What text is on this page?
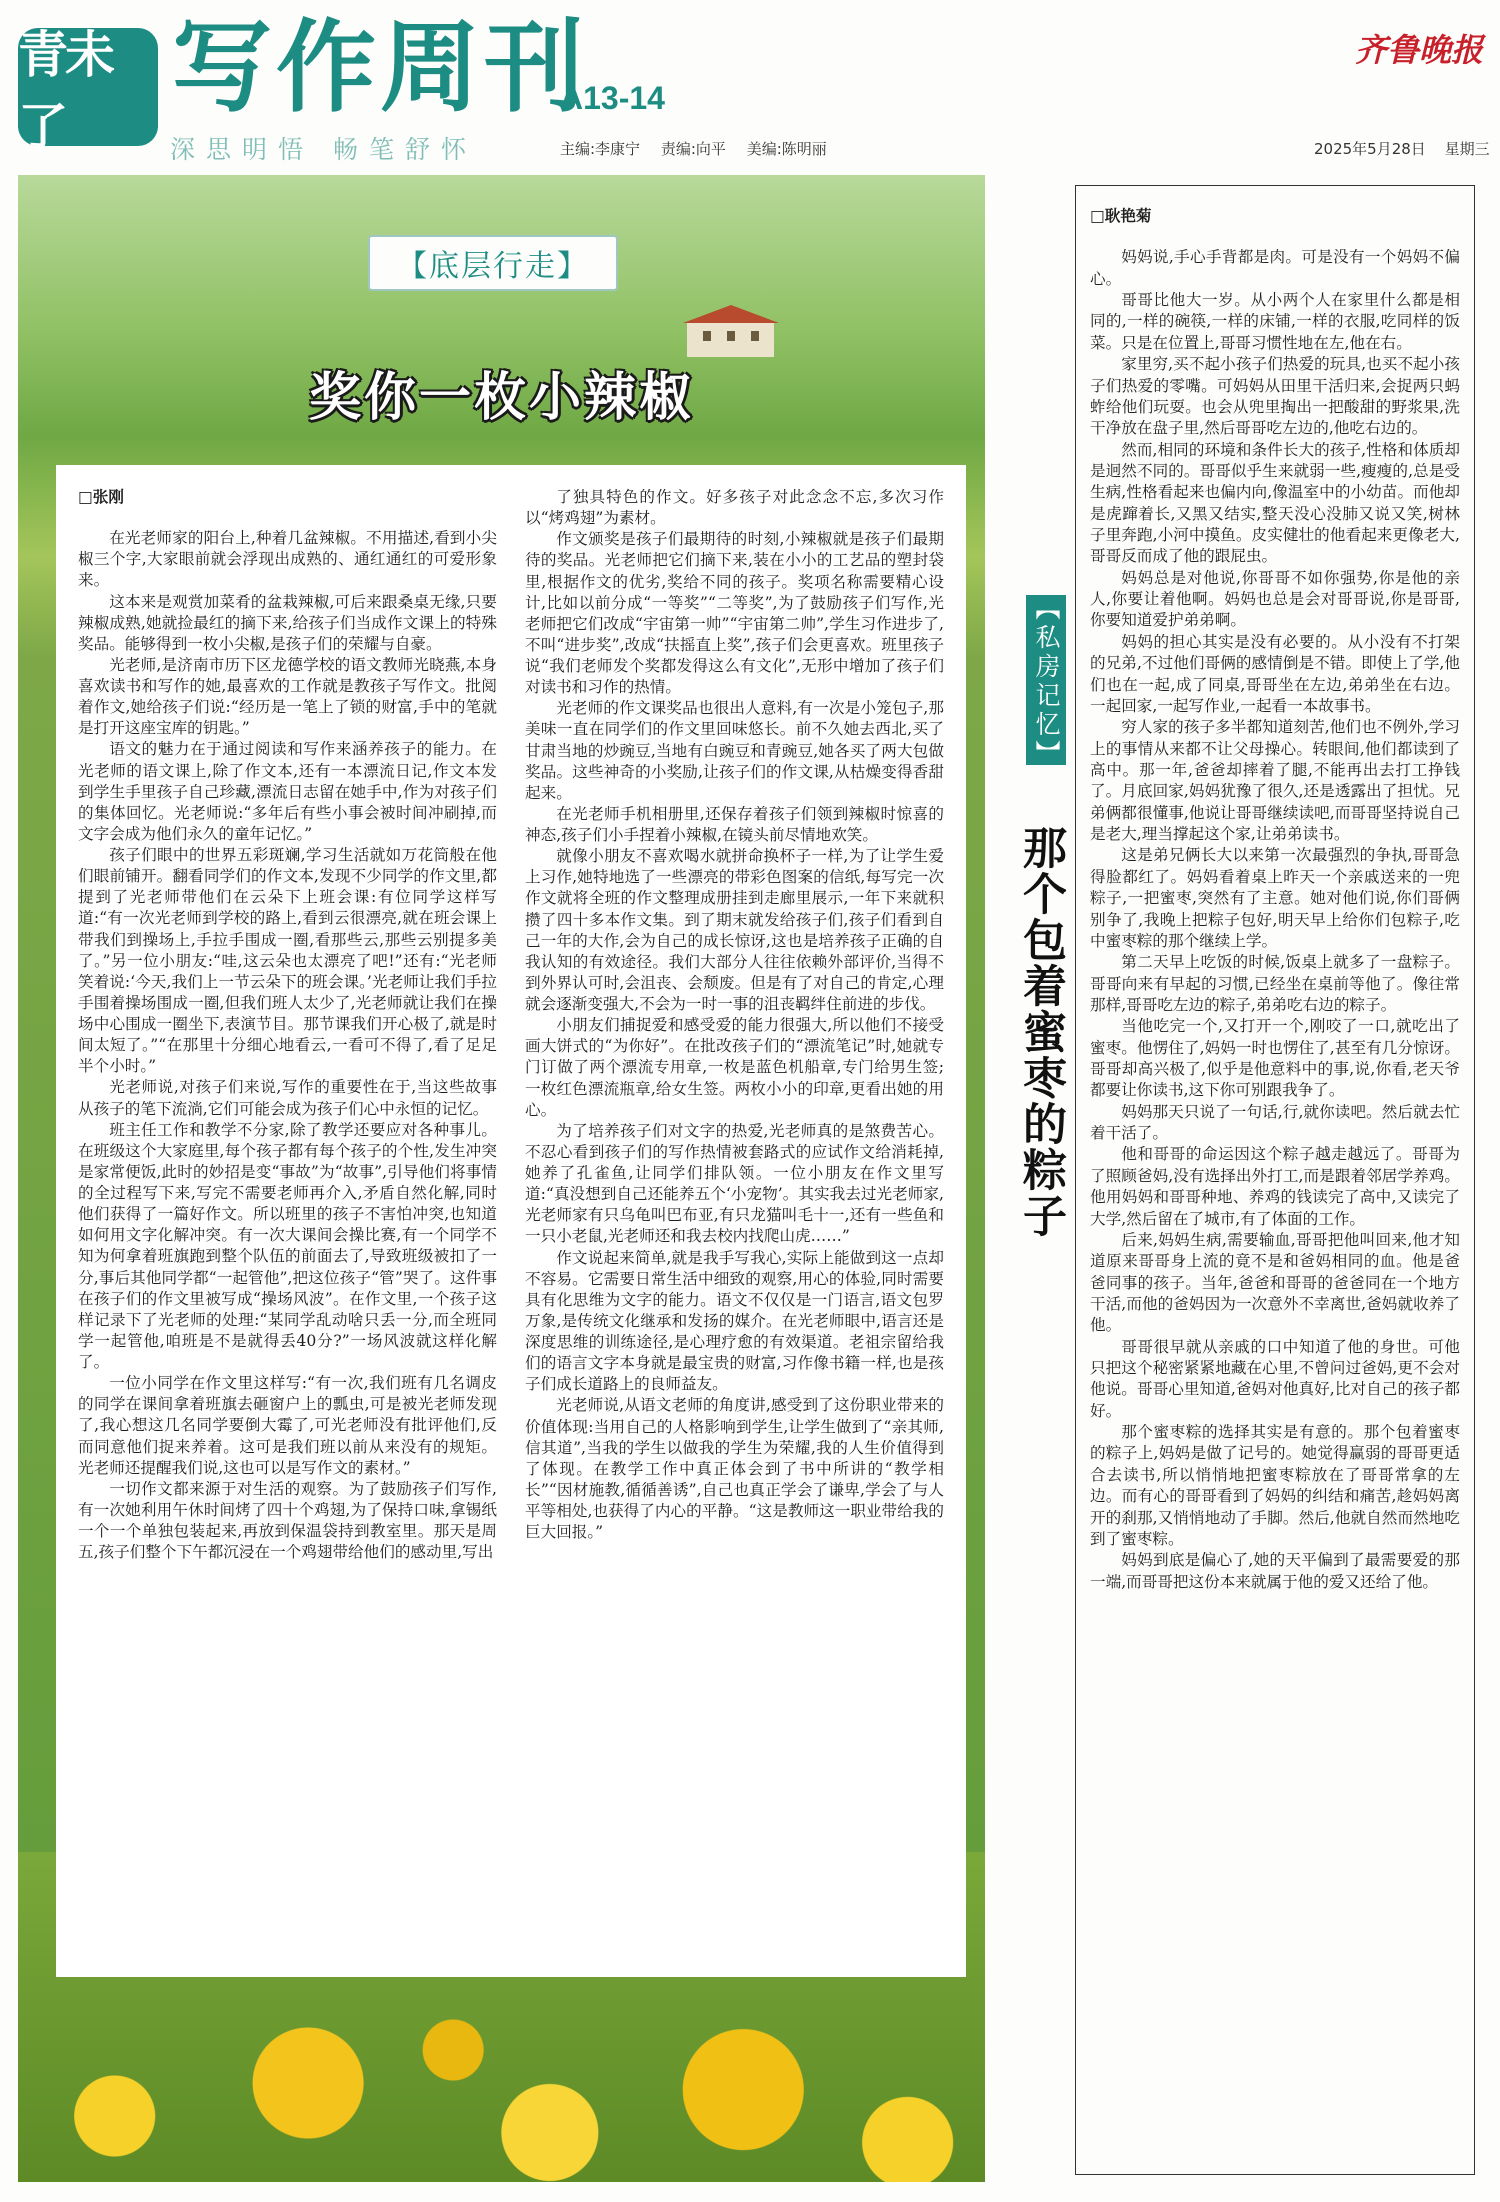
青未了
写作周刊
A13-14
深思明悟 畅笔舒怀	主编:李康宁 责编:向平 美编:陈明丽
齐鲁晚报
2025年5月28日 星期三
【底层行走】
奖你一枚小辣椒

□张刚

在光老师家的阳台上,种着几盆辣椒。不用描述,看到小尖椒三个字,大家眼前就会浮现出成熟的、通红通红的可爱形象来。

这本来是观赏加菜肴的盆栽辣椒,可后来跟桑桌无缘,只要辣椒成熟,她就捡最红的摘下来,给孩子们当成作文课上的特殊奖品。能够得到一枚小尖椒,是孩子们的荣耀与自豪。

光老师,是济南市历下区龙德学校的语文教师光晓燕,本身喜欢读书和写作的她,最喜欢的工作就是教孩子写作文。批阅着作文,她给孩子们说:“经历是一笔上了锁的财富,手中的笔就是打开这座宝库的钥匙。”

语文的魅力在于通过阅读和写作来涵养孩子的能力。在光老师的语文课上,除了作文本,还有一本漂流日记,作文本发到学生手里孩子自己珍藏,漂流日志留在她手中,作为对孩子们的集体回忆。光老师说:“多年后有些小事会被时间冲刷掉,而文字会成为他们永久的童年记忆。”

孩子们眼中的世界五彩斑斓,学习生活就如万花筒般在他们眼前铺开。翻看同学们的作文本,发现不少同学的作文里,都提到了光老师带他们在云朵下上班会课:有位同学这样写道:“有一次光老师到学校的路上,看到云很漂亮,就在班会课上带我们到操场上,手拉手围成一圈,看那些云,那些云别提多美了。”另一位小朋友:“哇,这云朵也太漂亮了吧!”还有:“光老师笑着说:‘今天,我们上一节云朵下的班会课。’光老师让我们手拉手围着操场围成一圈,但我们班人太少了,光老师就让我们在操场中心围成一圈坐下,表演节目。那节课我们开心极了,就是时间太短了。”“在那里十分细心地看云,一看可不得了,看了足足半个小时。”

光老师说,对孩子们来说,写作的重要性在于,当这些故事从孩子的笔下流淌,它们可能会成为孩子们心中永恒的记忆。

班主任工作和教学不分家,除了教学还要应对各种事儿。在班级这个大家庭里,每个孩子都有每个孩子的个性,发生冲突是家常便饭,此时的妙招是变“事故”为“故事”,引导他们将事情的全过程写下来,写完不需要老师再介入,矛盾自然化解,同时他们获得了一篇好作文。所以班里的孩子不害怕冲突,也知道如何用文字化解冲突。有一次大课间会操比赛,有一个同学不知为何拿着班旗跑到整个队伍的前面去了,导致班级被扣了一分,事后其他同学都“一起管他”,把这位孩子“管”哭了。这件事在孩子们的作文里被写成“操场风波”。在作文里,一个孩子这样记录下了光老师的处理:“某同学乱动啥只丢一分,而全班同学一起管他,咱班是不是就得丢40分?”一场风波就这样化解了。

一位小同学在作文里这样写:“有一次,我们班有几名调皮的同学在课间拿着班旗去砸窗户上的瓢虫,可是被光老师发现了,我心想这几名同学要倒大霉了,可光老师没有批评他们,反而同意他们捉来养着。这可是我们班以前从来没有的规矩。光老师还提醒我们说,这也可以是写作文的素材。”

一切作文都来源于对生活的观察。为了鼓励孩子们写作,有一次她利用午休时间烤了四十个鸡翅,为了保持口味,拿锡纸一个一个单独包装起来,再放到保温袋持到教室里。那天是周五,孩子们整个下午都沉浸在一个鸡翅带给他们的感动里,写出

了独具特色的作文。好多孩子对此念念不忘,多次习作以“烤鸡翅”为素材。

作文颁奖是孩子们最期待的时刻,小辣椒就是孩子们最期待的奖品。光老师把它们摘下来,装在小小的工艺品的塑封袋里,根据作文的优劣,奖给不同的孩子。奖项名称需要精心设计,比如以前分成“一等奖”“二等奖”,为了鼓励孩子们写作,光老师把它们改成“宇宙第一帅”“宇宙第二帅”,学生习作进步了,不叫“进步奖”,改成“扶摇直上奖”,孩子们会更喜欢。班里孩子说“我们老师发个奖都发得这么有文化”,无形中增加了孩子们对读书和习作的热情。

光老师的作文课奖品也很出人意料,有一次是小笼包子,那美味一直在同学们的作文里回味悠长。前不久她去西北,买了甘肃当地的炒豌豆,当地有白豌豆和青豌豆,她各买了两大包做奖品。这些神奇的小奖励,让孩子们的作文课,从枯燥变得香甜起来。

在光老师手机相册里,还保存着孩子们领到辣椒时惊喜的神态,孩子们小手捏着小辣椒,在镜头前尽情地欢笑。

就像小朋友不喜欢喝水就拼命换杯子一样,为了让学生爱上习作,她特地选了一些漂亮的带彩色图案的信纸,每写完一次作文就将全班的作文整理成册挂到走廊里展示,一年下来就积攒了四十多本作文集。到了期末就发给孩子们,孩子们看到自己一年的大作,会为自己的成长惊讶,这也是培养孩子正确的自我认知的有效途径。我们大部分人往往依赖外部评价,当得不到外界认可时,会沮丧、会颓废。但是有了对自己的肯定,心理就会逐渐变强大,不会为一时一事的沮丧羁绊住前进的步伐。

小朋友们捕捉爱和感受爱的能力很强大,所以他们不接受画大饼式的“为你好”。在批改孩子们的“漂流笔记”时,她就专门订做了两个漂流专用章,一枚是蓝色机船章,专门给男生签;一枚红色漂流瓶章,给女生签。两枚小小的印章,更看出她的用心。

为了培养孩子们对文字的热爱,光老师真的是煞费苦心。不忍心看到孩子们的写作热情被套路式的应试作文给消耗掉,她养了孔雀鱼,让同学们排队领。一位小朋友在作文里写道:“真没想到自己还能养五个‘小宠物’。其实我去过光老师家,光老师家有只乌龟叫巴布亚,有只龙猫叫毛十一,还有一些鱼和一只小老鼠,光老师还和我去校内找爬山虎……”

作文说起来简单,就是我手写我心,实际上能做到这一点却不容易。它需要日常生活中细致的观察,用心的体验,同时需要具有化思维为文字的能力。语文不仅仅是一门语言,语文包罗万象,是传统文化继承和发扬的媒介。在光老师眼中,语言还是深度思维的训练途径,是心理疗愈的有效渠道。老祖宗留给我们的语言文字本身就是最宝贵的财富,习作像书籍一样,也是孩子们成长道路上的良师益友。

光老师说,从语文老师的角度讲,感受到了这份职业带来的价值体现:当用自己的人格影响到学生,让学生做到了“亲其师,信其道”,当我的学生以做我的学生为荣耀,我的人生价值得到了体现。在教学工作中真正体会到了书中所讲的“教学相长”“因材施教,循循善诱”,自己也真正学会了谦卑,学会了与人平等相处,也获得了内心的平静。“这是教师这一职业带给我的巨大回报。”

【私房记忆】
那个包着蜜枣的粽子

□耿艳菊

妈妈说,手心手背都是肉。可是没有一个妈妈不偏心。

哥哥比他大一岁。从小两个人在家里什么都是相同的,一样的碗筷,一样的床铺,一样的衣服,吃同样的饭菜。只是在位置上,哥哥习惯性地在左,他在右。

家里穷,买不起小孩子们热爱的玩具,也买不起小孩子们热爱的零嘴。可妈妈从田里干活归来,会捉两只蚂蚱给他们玩耍。也会从兜里掏出一把酸甜的野浆果,洗干净放在盘子里,然后哥哥吃左边的,他吃右边的。

然而,相同的环境和条件长大的孩子,性格和体质却是迥然不同的。哥哥似乎生来就弱一些,瘦瘦的,总是受生病,性格看起来也偏内向,像温室中的小幼苗。而他却是虎蹿着长,又黑又结实,整天没心没肺又说又笑,树林子里奔跑,小河中摸鱼。皮实健壮的他看起来更像老大,哥哥反而成了他的跟屁虫。

妈妈总是对他说,你哥哥不如你强势,你是他的亲人,你要让着他啊。妈妈也总是会对哥哥说,你是哥哥,你要知道爱护弟弟啊。

妈妈的担心其实是没有必要的。从小没有不打架的兄弟,不过他们哥俩的感情倒是不错。即使上了学,他们也在一起,成了同桌,哥哥坐在左边,弟弟坐在右边。一起回家,一起写作业,一起看一本故事书。

穷人家的孩子多半都知道刻苦,他们也不例外,学习上的事情从来都不让父母操心。转眼间,他们都读到了高中。那一年,爸爸却摔着了腿,不能再出去打工挣钱了。月底回家,妈妈犹豫了很久,还是透露出了担忧。兄弟俩都很懂事,他说让哥哥继续读吧,而哥哥坚持说自己是老大,理当撑起这个家,让弟弟读书。

这是弟兄俩长大以来第一次最强烈的争执,哥哥急得脸都红了。妈妈看着桌上昨天一个亲戚送来的一兜粽子,一把蜜枣,突然有了主意。她对他们说,你们哥俩别争了,我晚上把粽子包好,明天早上给你们包粽子,吃中蜜枣粽的那个继续上学。

第二天早上吃饭的时候,饭桌上就多了一盘粽子。哥哥向来有早起的习惯,已经坐在桌前等他了。像往常那样,哥哥吃左边的粽子,弟弟吃右边的粽子。

当他吃完一个,又打开一个,刚咬了一口,就吃出了蜜枣。他愣住了,妈妈一时也愣住了,甚至有几分惊讶。哥哥却高兴极了,似乎是他意料中的事,说,你看,老天爷都要让你读书,这下你可别跟我争了。

妈妈那天只说了一句话,行,就你读吧。然后就去忙着干活了。

他和哥哥的命运因这个粽子越走越远了。哥哥为了照顾爸妈,没有选择出外打工,而是跟着邻居学养鸡。他用妈妈和哥哥种地、养鸡的钱读完了高中,又读完了大学,然后留在了城市,有了体面的工作。

后来,妈妈生病,需要输血,哥哥把他叫回来,他才知道原来哥哥身上流的竟不是和爸妈相同的血。他是爸爸同事的孩子。当年,爸爸和哥哥的爸爸同在一个地方干活,而他的爸妈因为一次意外不幸离世,爸妈就收养了他。

哥哥很早就从亲戚的口中知道了他的身世。可他只把这个秘密紧紧地藏在心里,不曾问过爸妈,更不会对他说。哥哥心里知道,爸妈对他真好,比对自己的孩子都好。

那个蜜枣粽的选择其实是有意的。那个包着蜜枣的粽子上,妈妈是做了记号的。她觉得赢弱的哥哥更适合去读书,所以悄悄地把蜜枣粽放在了哥哥常拿的左边。而有心的哥哥看到了妈妈的纠结和痛苦,趁妈妈离开的刹那,又悄悄地动了手脚。然后,他就自然而然地吃到了蜜枣粽。

妈妈到底是偏心了,她的天平偏到了最需要爱的那一端,而哥哥把这份本来就属于他的爱又还给了他。
